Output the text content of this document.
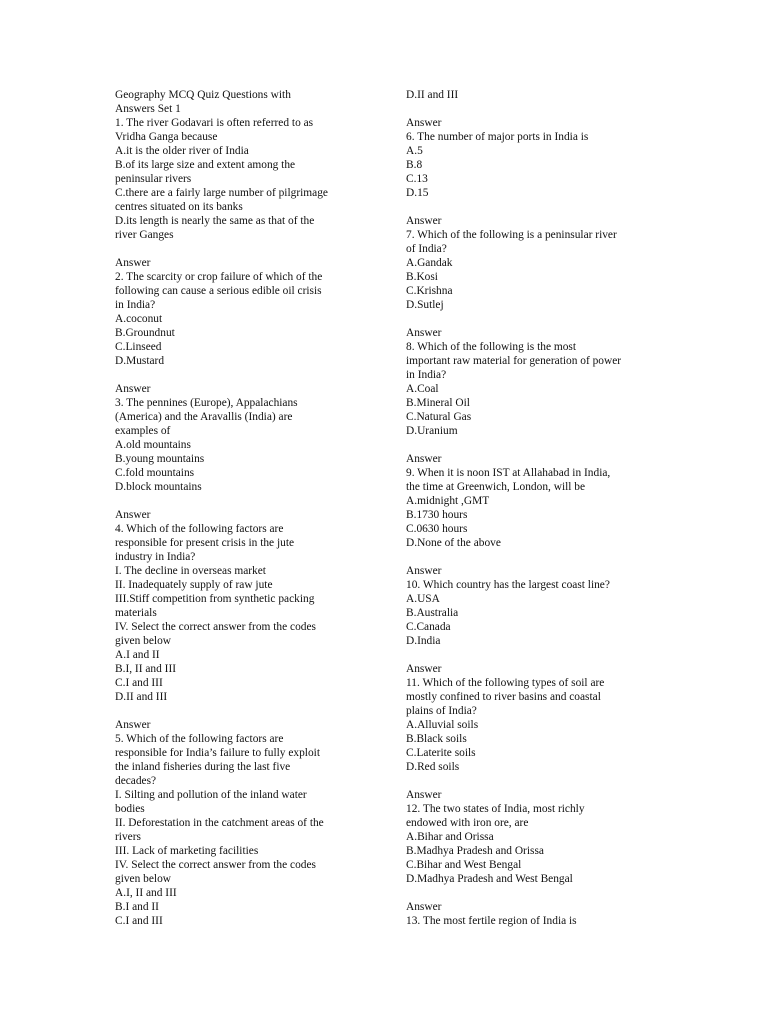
Geography MCQ Quiz Questions with
Answers Set 1
1. The river Godavari is often referred to as
Vridha Ganga because
A.it is the older river of India
B.of its large size and extent among the
peninsular rivers
C.there are a fairly large number of pilgrimage
centres situated on its banks
D.its length is nearly the same as that of the
river Ganges
Answer
2. The scarcity or crop failure of which of the
following can cause a serious edible oil crisis
in India?
A.coconut
B.Groundnut
C.Linseed
D.Mustard
Answer
3. The pennines (Europe), Appalachians
(America) and the Aravallis (India) are
examples of
A.old mountains
B.young mountains
C.fold mountains
D.block mountains
Answer
4. Which of the following factors are
responsible for present crisis in the jute
industry in India?
I. The decline in overseas market
II. Inadequately supply of raw jute
III.Stiff competition from synthetic packing
materials
IV. Select the correct answer from the codes
given below
A.I and II
B.I, II and III
C.I and III
D.II and III
Answer
5. Which of the following factors are
responsible for India’s failure to fully exploit
the inland fisheries during the last five
decades?
I. Silting and pollution of the inland water
bodies
II. Deforestation in the catchment areas of the
rivers
III. Lack of marketing facilities
IV. Select the correct answer from the codes
given below
A.I, II and III
B.I and II
C.I and III
D.II and III
Answer
6. The number of major ports in India is
A.5
B.8
C.13
D.15
Answer
7. Which of the following is a peninsular river
of India?
A.Gandak
B.Kosi
C.Krishna
D.Sutlej
Answer
8. Which of the following is the most
important raw material for generation of power
in India?
A.Coal
B.Mineral Oil
C.Natural Gas
D.Uranium
Answer
9. When it is noon IST at Allahabad in India,
the time at Greenwich, London, will be
A.midnight ,GMT
B.1730 hours
C.0630 hours
D.None of the above
Answer
10. Which country has the largest coast line?
A.USA
B.Australia
C.Canada
D.India
Answer
11. Which of the following types of soil are
mostly confined to river basins and coastal
plains of India?
A.Alluvial soils
B.Black soils
C.Laterite soils
D.Red soils
Answer
12. The two states of India, most richly
endowed with iron ore, are
A.Bihar and Orissa
B.Madhya Pradesh and Orissa
C.Bihar and West Bengal
D.Madhya Pradesh and West Bengal
Answer
13. The most fertile region of India is
